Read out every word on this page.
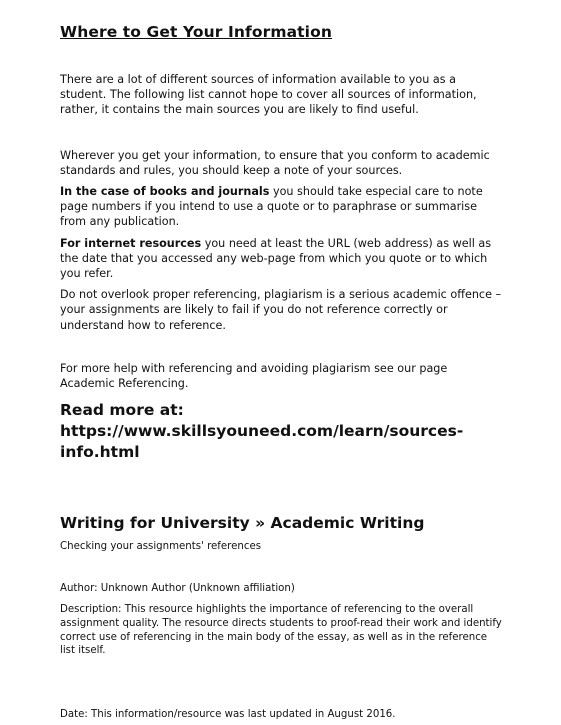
Where to Get Your Information
There are a lot of different sources of information available to you as a student. The following list cannot hope to cover all sources of information, rather, it contains the main sources you are likely to find useful.
Wherever you get your information, to ensure that you conform to academic standards and rules, you should keep a note of your sources.
In the case of books and journals you should take especial care to note page numbers if you intend to use a quote or to paraphrase or summarise from any publication.
For internet resources you need at least the URL (web address) as well as the date that you accessed any web-page from which you quote or to which you refer.
Do not overlook proper referencing, plagiarism is a serious academic offence – your assignments are likely to fail if you do not reference correctly or understand how to reference.
For more help with referencing and avoiding plagiarism see our page Academic Referencing.
Read more at: https://www.skillsyouneed.com/learn/sources-info.html
Writing for University » Academic Writing
Checking your assignments' references
Author: Unknown Author (Unknown affiliation)
Description: This resource highlights the importance of referencing to the overall assignment quality. The resource directs students to proof-read their work and identify correct use of referencing in the main body of the essay, as well as in the reference list itself.
Date: This information/resource was last updated in August 2016.
